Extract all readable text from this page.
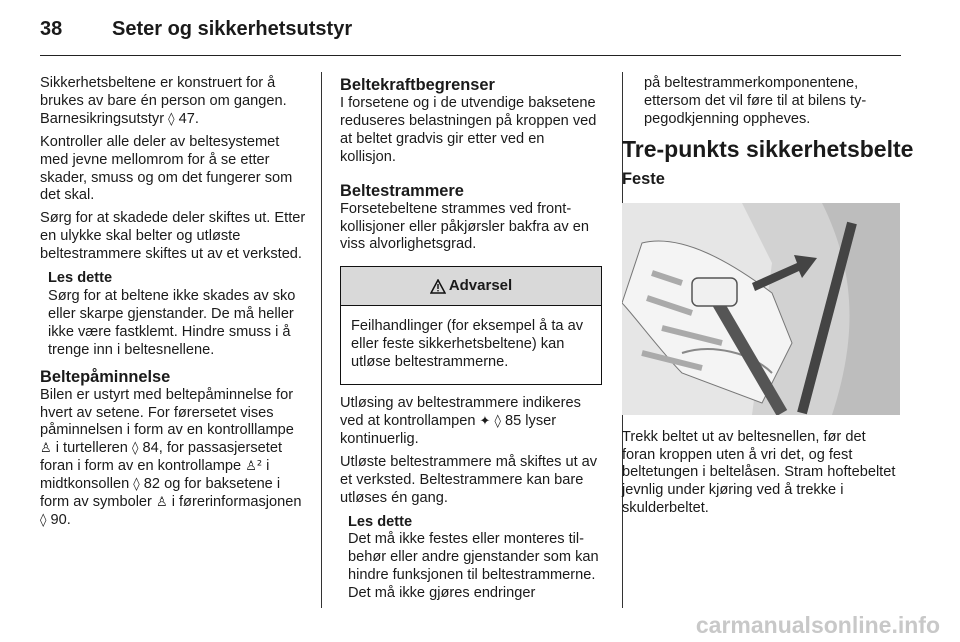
38 Seter og sikkerhetsutstyr

Sikkerhetsbeltene er konstruert for å brukes av bare én person om gangen. Barnesikringsutstyr ◊ 47.

Kontroller alle deler av beltesystemet med jevne mellomrom for å se etter skader, smuss og om det fungerer som det skal.

Sørg for at skadede deler skiftes ut. Etter en ulykke skal belter og utløste beltestrammere skiftes ut av et verksted.

Les dette
Sørg for at beltene ikke skades av sko eller skarpe gjenstander. De må heller ikke være fastklemt. Hindre smuss i å trenge inn i beltesnellene.
Beltepåminnelse

Bilen er ustyrt med beltepåminnelse for hvert av setene. For førersetet vises påminnelsen i form av en kontrolllampe ♙ i turtelleren ◊ 84, for passasjersetet foran i form av en kontrollampe ♙² i midtkonsollen ◊ 82 og for baksetene i form av symboler ♙ i førerinformasjonen ◊ 90.

Beltekraftbegrenser

I forsetene og i de utvendige baksetene reduseres belastningen på kroppen ved at beltet gradvis gir etter ved en kollisjon.

Beltestrammere

Forsetebeltene strammes ved frontkollisjoner eller påkjørsler bakfra av en viss alvorlighetsgrad.

Advarsel
Feilhandlinger (for eksempel å ta av eller feste sikkerhetsbeltene) kan utløse beltestrammerne.

Utløsing av beltestrammere indikeres ved at kontrollampen ✦ ◊ 85 lyser kontinuerlig.

Utløste beltestrammere må skiftes ut av et verksted. Beltestrammere kan bare utløses én gang.

Les dette
Det må ikke festes eller monteres tilbehør eller andre gjenstander som kan hindre funksjonen til beltestrammerne. Det må ikke gjøres endringer

på beltestrammerkomponentene, ettersom det vil føre til at bilens typegodkjenning oppheves.

Tre-punkts sikkerhetsbelte
Feste

Trekk beltet ut av beltesnellen, før det foran kroppen uten å vri det, og fest beltetungen i beltelåsen. Stram hoftebeltet jevnlig under kjøring ved å trekke i skulderbeltet.

carmanualsonline.info
